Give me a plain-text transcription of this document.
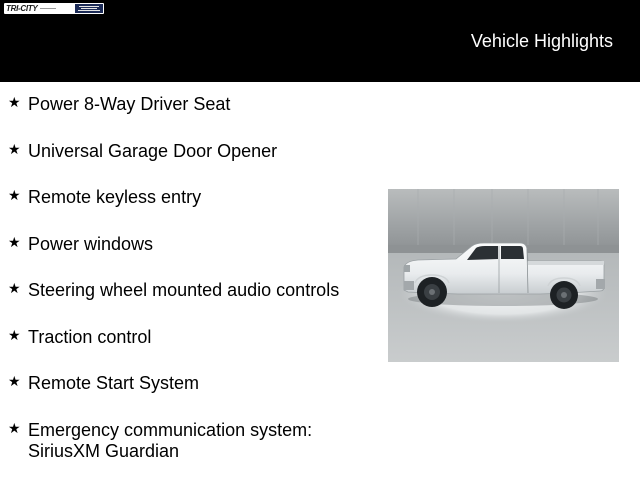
TRI-CITY
Vehicle Highlights
★ Power 8-Way Driver Seat
★ Universal Garage Door Opener
★ Remote keyless entry
★ Power windows
★ Steering wheel mounted audio controls
★ Traction control
★ Remote Start System
★ Emergency communication system:
SiriusXM Guardian
